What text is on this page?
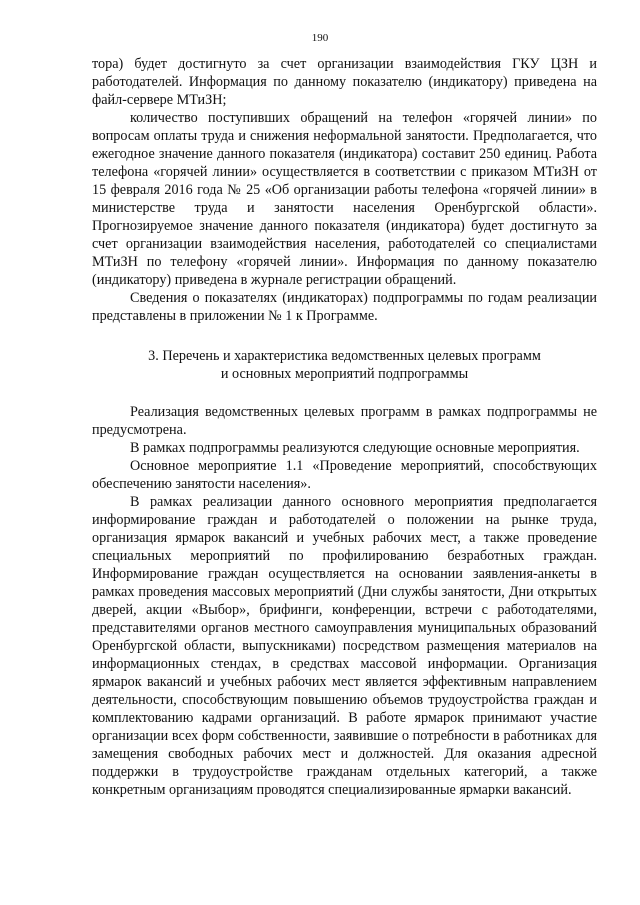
190

тора) будет достигнуто за счет организации взаимодействия ГКУ ЦЗН и работодателей. Информация по данному показателю (индикатору) приведена на файл-сервере МТиЗН;

количество поступивших обращений на телефон «горячей линии» по вопросам оплаты труда и снижения неформальной занятости. Предполагается, что ежегодное значение данного показателя (индикатора) составит 250 единиц. Работа телефона «горячей линии» осуществляется в соответствии с приказом МТиЗН от 15 февраля 2016 года № 25 «Об организации работы телефона «горячей линии» в министерстве труда и занятости населения Оренбургской области». Прогнозируемое значение данного показателя (индикатора) будет достигнуто за счет организации взаимодействия населения, работодателей со специалистами МТиЗН по телефону «горячей линии». Информация по данному показателю (индикатору) приведена в журнале регистрации обращений.

Сведения о показателях (индикаторах) подпрограммы по годам реализации представлены в приложении № 1 к Программе.

3. Перечень и характеристика ведомственных целевых программ
и основных мероприятий подпрограммы

Реализация ведомственных целевых программ в рамках подпрограммы не предусмотрена.

В рамках подпрограммы реализуются следующие основные мероприятия.

Основное мероприятие 1.1 «Проведение мероприятий, способствующих обеспечению занятости населения».

В рамках реализации данного основного мероприятия предполагается информирование граждан и работодателей о положении на рынке труда, организация ярмарок вакансий и учебных рабочих мест, а также проведение специальных мероприятий по профилированию безработных граждан. Информирование граждан осуществляется на основании заявления-анкеты в рамках проведения массовых мероприятий (Дни службы занятости, Дни открытых дверей, акции «Выбор», брифинги, конференции, встречи с работодателями, представителями органов местного самоуправления муниципальных образований Оренбургской области, выпускниками) посредством размещения материалов на информационных стендах, в средствах массовой информации. Организация ярмарок вакансий и учебных рабочих мест является эффективным направлением деятельности, способствующим повышению объемов трудоустройства граждан и комплектованию кадрами организаций. В работе ярмарок принимают участие организации всех форм собственности, заявившие о потребности в работниках для замещения свободных рабочих мест и должностей. Для оказания адресной поддержки в трудоустройстве гражданам отдельных категорий, а также конкретным организациям проводятся специализированные ярмарки вакансий.
